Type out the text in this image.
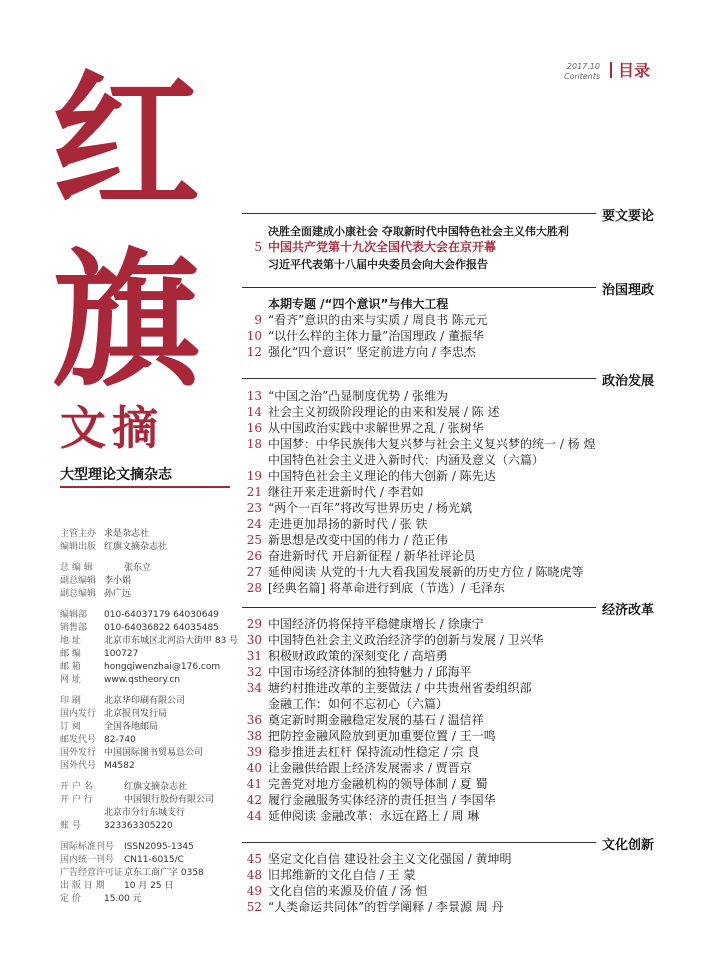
红
旗
文摘
大型理论文摘杂志
2017.10
Contents	目录
要文要论
治国理政
政治发展
经济改革
文化创新
决胜全面建成小康社会 夺取新时代中国特色社会主义伟大胜利
5 中国共产党第十九次全国代表大会在京开幕
习近平代表第十八届中央委员会向大会作报告
本期专题 /“四个意识”与伟大工程
9 “看齐”意识的由来与实质 / 周良书 陈元元
10 “以什么样的主体力量”治国理政 / 董振华
12 强化“四个意识” 坚定前进方向 / 李忠杰
13 “中国之治”凸显制度优势 / 张维为
14 社会主义初级阶段理论的由来和发展 / 陈 述
16 从中国政治实践中求解世界之乱 / 张树华
18 中国梦：中华民族伟大复兴梦与社会主义复兴梦的统一 / 杨 煌
中国特色社会主义进入新时代：内涵及意义（六篇）
19 中国特色社会主义理论的伟大创新 / 陈先达
21 继往开来走进新时代 / 李君如
23 “两个一百年”将改写世界历史 / 杨光斌
24 走进更加昂扬的新时代 / 张 铁
25 新思想是改变中国的伟力 / 范正伟
26 奋进新时代 开启新征程 / 新华社评论员
27 延伸阅读 从党的十九大看我国发展新的历史方位 / 陈晓虎等
28 [经典名篇] 将革命进行到底（节选）/ 毛泽东
29 中国经济仍将保持平稳健康增长 / 徐康宁
30 中国特色社会主义政治经济学的创新与发展 / 卫兴华
31 积极财政政策的深刻变化 / 高培勇
32 中国市场经济体制的独特魅力 / 邱海平
34 塘约村推进改革的主要做法 / 中共贵州省委组织部
金融工作：如何不忘初心（六篇）
36 奠定新时期金融稳定发展的基石 / 温信祥
38 把防控金融风险放到更加重要位置 / 王一鸣
39 稳步推进去杠杆 保持流动性稳定 / 宗 良
40 让金融供给跟上经济发展需求 / 贾晋京
41 完善党对地方金融机构的领导体制 / 夏 蜀
42 履行金融服务实体经济的责任担当 / 李国华
44 延伸阅读 金融改革：永远在路上 / 周 琳
45 坚定文化自信 建设社会主义文化强国 / 黄坤明
48 旧邦维新的文化自信 / 王 蒙
49 文化自信的来源及价值 / 汤 恒
52 “人类命运共同体”的哲学阐释 / 李景源 周 丹
主管主办 求是杂志社
编辑出版 红旗文摘杂志社
总 编 辑	张东立
副总编辑 李小娟
副总编辑 孙广远
编辑部 010-64037179 64030649
销售部 010-64036822 64035485
地 址	北京市东城区北河沿大街甲 83 号
邮 编	100727
邮 箱	hongqiwenzhai@176.com
网 址	www.qstheory.cn
印 刷	北京华印刷有限公司
国内发行 北京报刊发行局
订 阅	全国各地邮局
邮发代号 82-740
国外发行 中国国际图书贸易总公司
国外代号 M4582
开 户 名	红旗文摘杂志社
开 户 行	中国银行股份有限公司
北京市分行东城支行
账 号	323363305220
国际标准刊号 ISSN2095-1345
国内统一刊号 CN11-6015/C
广告经营许可证京东工商广字 0358
出 版 日 期 10 月 25 日
定 价	15.00 元
